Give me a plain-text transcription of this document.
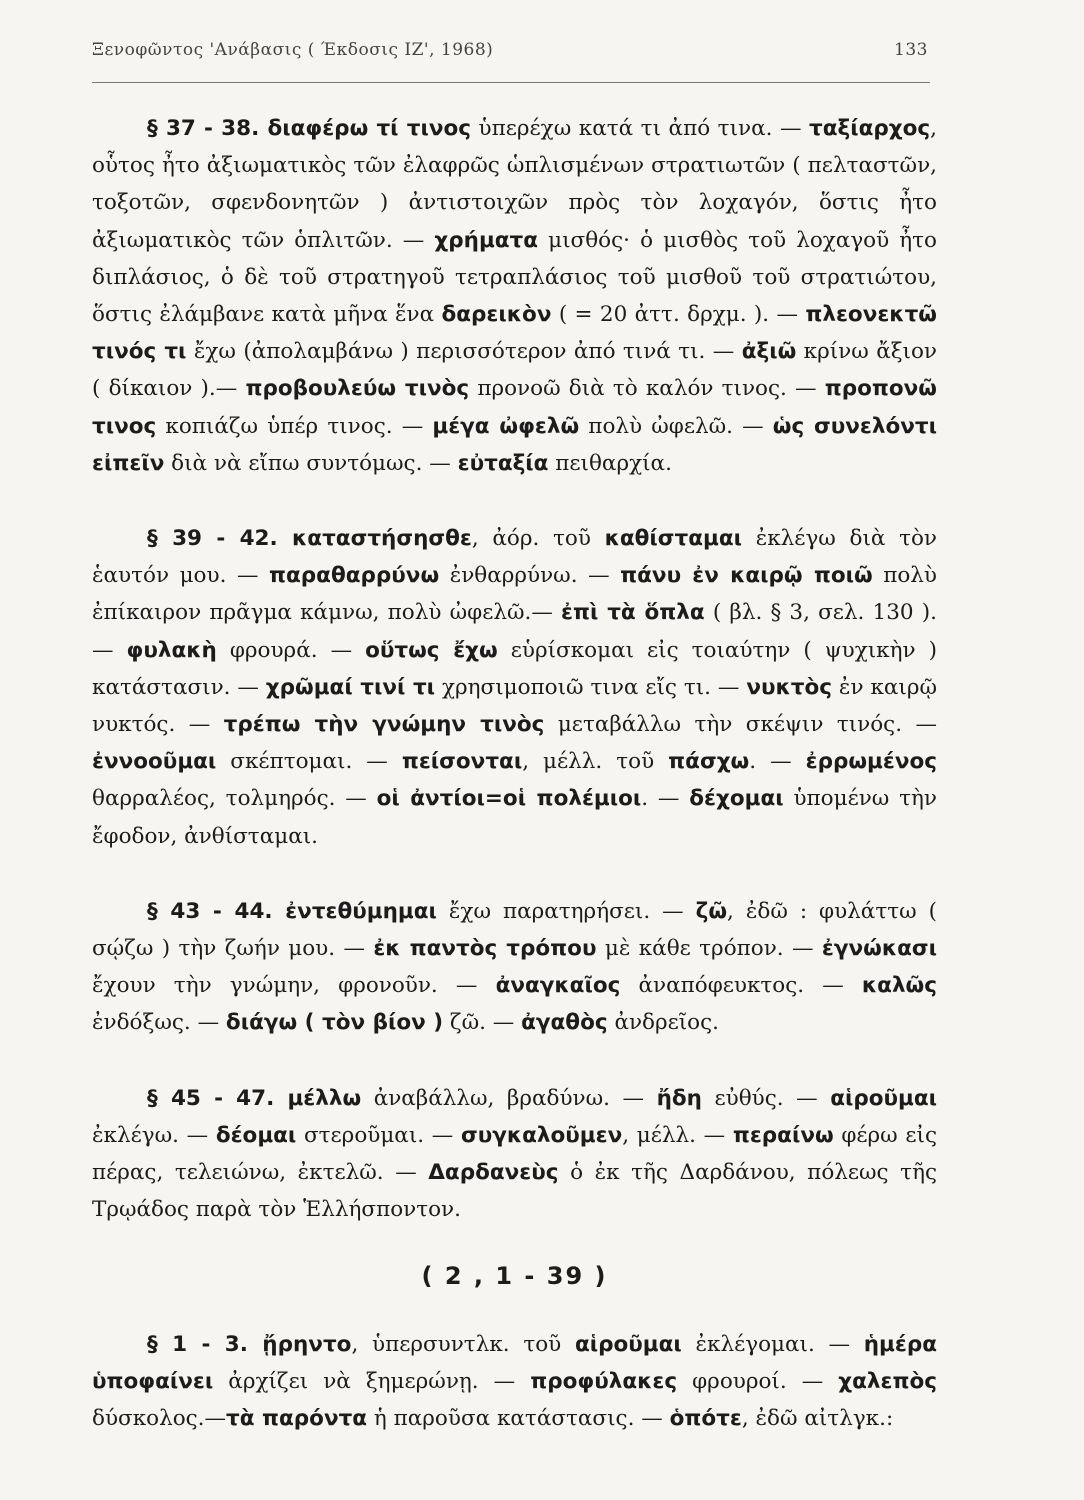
Ξενοφῶντος 'Ανάβασις ( Έκδοσις ΙΖ', 1968)	133

§ 37 - 38. διαφέρω τί τινος ὑπερέχω κατά τι ἀπό τινα. — ταξίαρχος, οὗτος ἦτο ἀξιωματικὸς τῶν ἐλαφρῶς ὡπλισμένων στρατιωτῶν ( πελταστῶν, τοξοτῶν, σφενδονητῶν ) ἀντιστοιχῶν πρὸς τὸν λοχαγόν, ὅστις ἦτο ἀξιωματικὸς τῶν ὁπλιτῶν. — χρήματα μισθός· ὁ μισθὸς τοῦ λοχαγοῦ ἦτο διπλάσιος, ὁ δὲ τοῦ στρατηγοῦ τετραπλάσιος τοῦ μισθοῦ τοῦ στρατιώτου, ὅστις ἐλάμβανε κατὰ μῆνα ἕνα δαρεικὸν ( = 20 ἀττ. δρχμ. ). — πλεονεκτῶ τινός τι ἔχω (ἀπολαμβάνω ) περισσότερον ἀπό τινά τι. — ἀξιῶ κρίνω ἄξιον ( δίκαιον ).— προβουλεύω τινὸς προνοῶ διὰ τὸ καλόν τινος. — προπονῶ τινος κοπιάζω ὑπέρ τινος. — μέγα ὠφελῶ πολὺ ὠφελῶ. — ὡς συνελόντι εἰπεῖν διὰ νὰ εἴπω συντόμως. — εὐταξία πειθαρχία.

§ 39 - 42. καταστήσησθε, ἀόρ. τοῦ καθίσταμαι ἐκλέγω διὰ τὸν ἑαυτόν μου. — παραθαρρύνω ἐνθαρρύνω. — πάνυ ἐν καιρῷ ποιῶ πολὺ ἐπίκαιρον πρᾶγμα κάμνω, πολὺ ὠφελῶ.— ἐπὶ τὰ ὅπλα ( βλ. § 3, σελ. 130 ). — φυλακὴ φρουρά. — οὕτως ἔχω εὑρίσκομαι εἰς τοιαύτην ( ψυχικὴν ) κατάστασιν. — χρῶμαί τινί τι χρησιμοποιῶ τινα εἴς τι. — νυκτὸς ἐν καιρῷ νυκτός. — τρέπω τὴν γνώμην τινὸς μεταβάλλω τὴν σκέψιν τινός. — ἐννοοῦμαι σκέπτομαι. — πείσονται, μέλλ. τοῦ πάσχω. — ἐρρωμένος θαρραλέος, τολμηρός. — οἱ ἀντίοι=οἱ πολέμιοι. — δέχομαι ὑπομένω τὴν ἔφοδον, ἀνθίσταμαι.

§ 43 - 44. ἐντεθύμημαι ἔχω παρατηρήσει. — ζῶ, ἐδῶ : φυλάττω ( σῴζω ) τὴν ζωήν μου. — ἐκ παντὸς τρόπου μὲ κάθε τρόπον. — ἐγνώκασι ἔχουν τὴν γνώμην, φρονοῦν. — ἀναγκαῖος ἀναπόφευκτος. — καλῶς ἐνδόξως. — διάγω ( τὸν βίον ) ζῶ. — ἀγαθὸς ἀνδρεῖος.

§ 45 - 47. μέλλω ἀναβάλλω, βραδύνω. — ἤδη εὐθύς. — αἱροῦμαι ἐκλέγω. — δέομαι στεροῦμαι. — συγκαλοῦμεν, μέλλ. — περαίνω φέρω εἰς πέρας, τελειώνω, ἐκτελῶ. — Δαρδανεὺς ὁ ἐκ τῆς Δαρδάνου, πόλεως τῆς Τρῳάδος παρὰ τὸν Ἑλλήσποντον.

( 2 , 1 - 39 )

§ 1 - 3. ᾔρηντο, ὑπερσυντλκ. τοῦ αἱροῦμαι ἐκλέγομαι. — ἡμέρα ὑποφαίνει ἀρχίζει νὰ ξημερώνῃ. — προφύλακες φρουροί. — χαλεπὸς δύσκολος.—τὰ παρόντα ἡ παροῦσα κατάστασις. — ὁπότε, ἐδῶ αἰτλγκ.:
